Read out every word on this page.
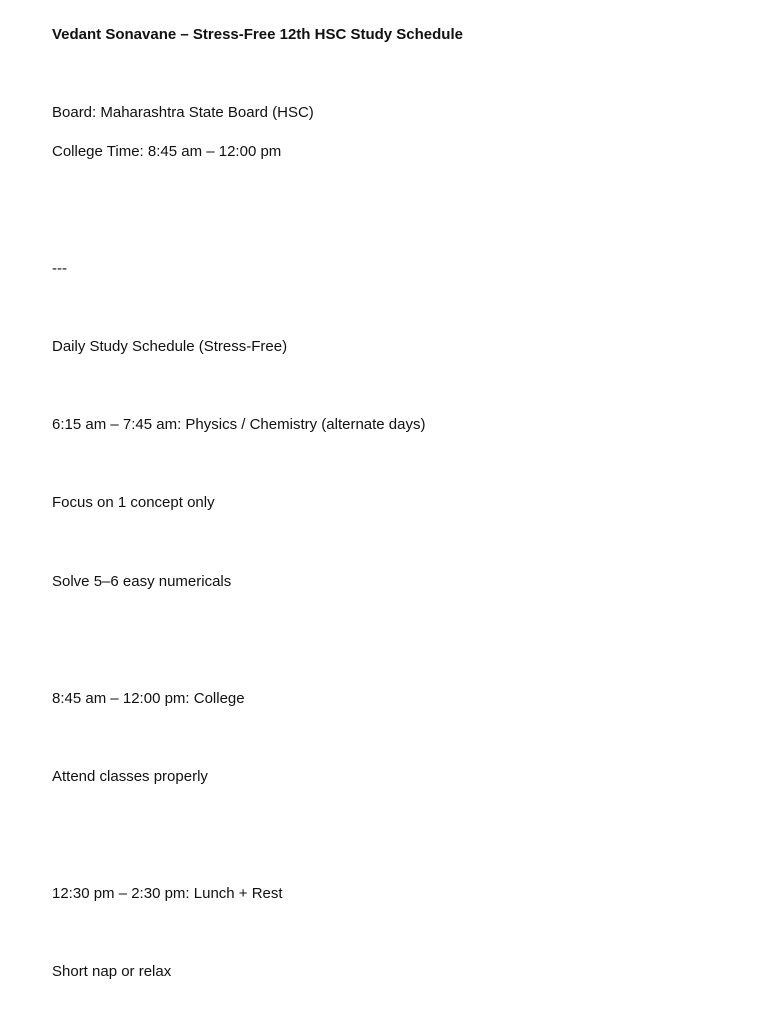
Vedant Sonavane – Stress-Free 12th HSC Study Schedule

Board: Maharashtra State Board (HSC)

College Time: 8:45 am – 12:00 pm

---

Daily Study Schedule (Stress-Free)

6:15 am – 7:45 am: Physics / Chemistry (alternate days)

Focus on 1 concept only

Solve 5–6 easy numericals

8:45 am – 12:00 pm: College

Attend classes properly

12:30 pm – 2:30 pm: Lunch + Rest

Short nap or relax
